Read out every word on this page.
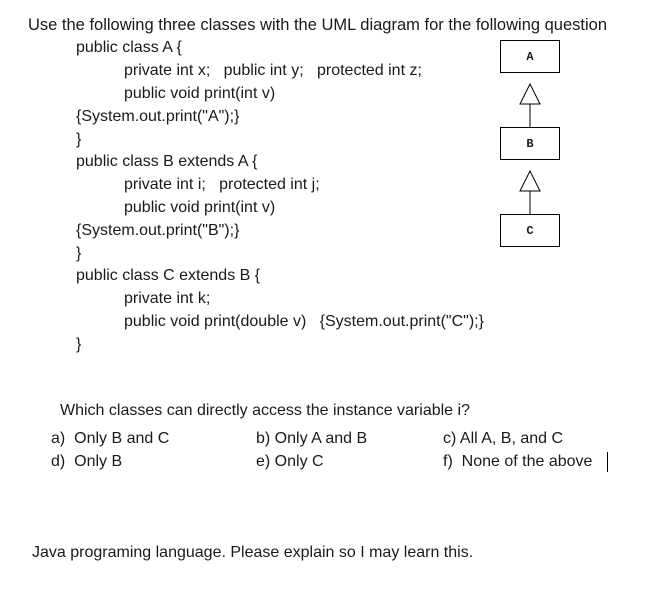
Use the following three classes with the UML diagram for the following question
public class A {
private int x;   public int y;   protected int z;
public void print(int v)
{System.out.print("A");}
}
public class B extends A {
private int i;   protected int j;
public void print(int v)
{System.out.print("B");}
}
public class C extends B {
private int k;
public void print(double v)   {System.out.print("C");}
}
A
B
C
Which classes can directly access the instance variable i?
a)  Only B and C	b) Only A and B	c) All A, B, and C
d)  Only B	e) Only C	f)  None of the above
Java programing language. Please explain so I may learn this.
